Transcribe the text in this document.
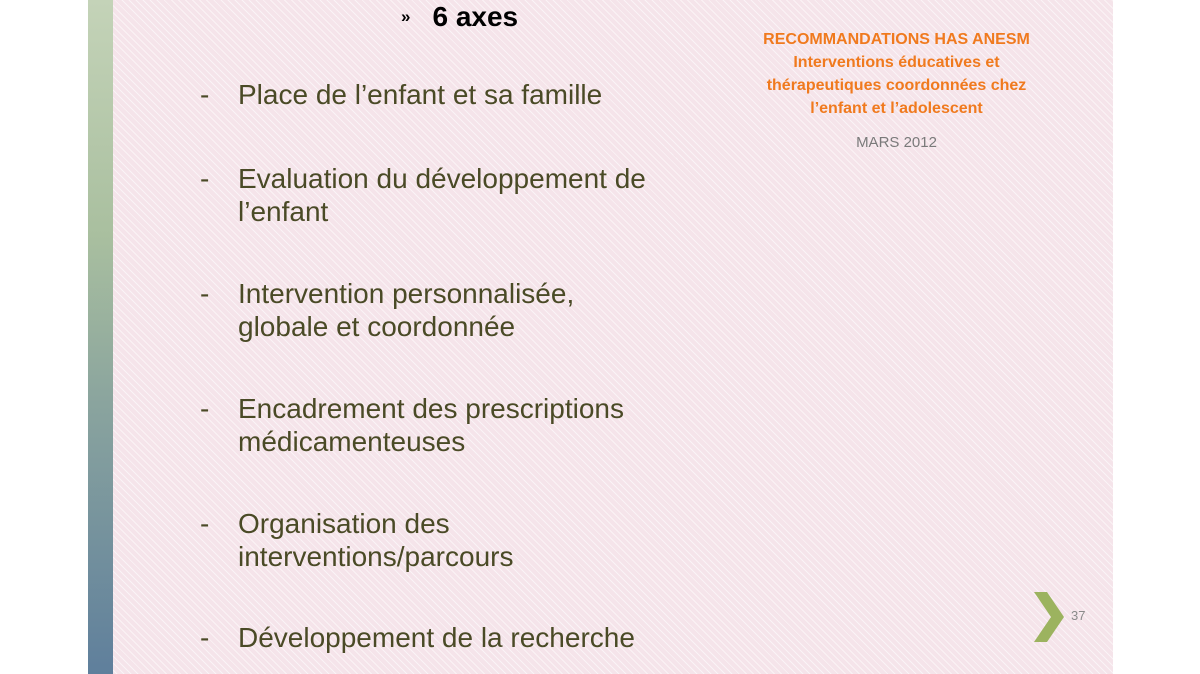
» 6 axes
-	Place de l’enfant et sa famille
-	Evaluation du développement de l’enfant
-	Intervention personnalisée, globale et coordonnée
-	Encadrement des prescriptions médicamenteuses
-	Organisation des interventions/parcours
-	Développement de la recherche
RECOMMANDATIONS HAS ANESM
Interventions éducatives et
thérapeutiques coordonnées chez
l’enfant et l’adolescent
MARS 2012
37
